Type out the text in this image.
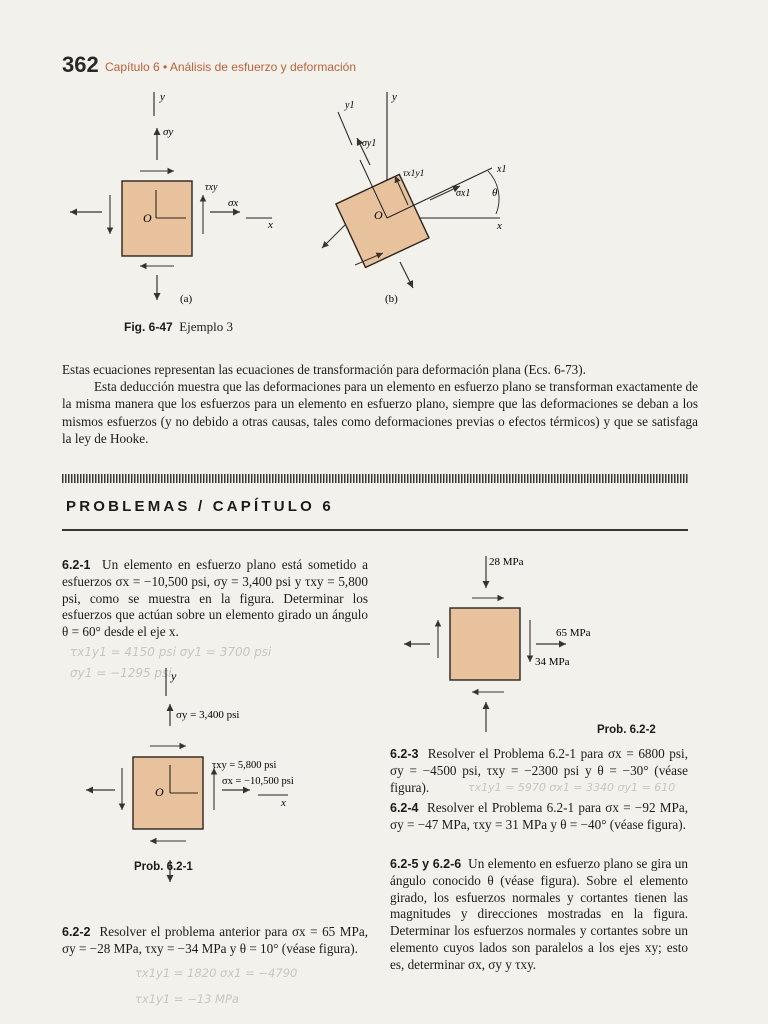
362 Capítulo 6 • Análisis de esfuerzo y deformación
y
O
σy
τxy
σx
x
(a)
y
x
y1
x1
θ
O
σy1
σx1
τx1y1
(b)
Fig. 6-47 Ejemplo 3

Estas ecuaciones representan las ecuaciones de transformación para deformación plana (Ecs. 6-73).

Esta deducción muestra que las deformaciones para un elemento en esfuerzo plano se transforman exactamente de la misma manera que los esfuerzos para un elemento en esfuerzo plano, siempre que las deformaciones se deban a los mismos esfuerzos (y no debido a otras causas, tales como deformaciones previas o efectos térmicos) y que se satisfaga la ley de Hooke.

PROBLEMAS / CAPÍTULO 6
6.2-1 Un elemento en esfuerzo plano está sometido a esfuerzos σx = −10,500 psi, σy = 3,400 psi y τxy = 5,800 psi, como se muestra en la figura. Determinar los esfuerzos que actúan sobre un elemento girado un ángulo θ = 60° desde el eje x.
τx1y1 = 4150 psi σy1 = 3700 psi
σy1 = −1295 psi y
σy = 3,400 psi
O
τxy = 5,800 psi
σx = −10,500 psi
x
Prob. 6.2-1
6.2-2 Resolver el problema anterior para σx = 65 MPa, σy = −28 MPa, τxy = −34 MPa y θ = 10° (véase figura).
τx1y1 = 1820 σx1 = −4790
τx1y1 = −13 MPa
28 MPa
65 MPa
34 MPa
Prob. 6.2-2
6.2-3 Resolver el Problema 6.2-1 para σx = 6800 psi, σy = −4500 psi, τxy = −2300 psi y θ = −30° (véase figura).	τx1y1 = 5970 σx1 = 3340 σy1 = 610
6.2-4 Resolver el Problema 6.2-1 para σx = −92 MPa, σy = −47 MPa, τxy = 31 MPa y θ = −40° (véase figura).
6.2-5 y 6.2-6 Un elemento en esfuerzo plano se gira un ángulo conocido θ (véase figura). Sobre el elemento girado, los esfuerzos normales y cortantes tienen las magnitudes y direcciones mostradas en la figura. Determinar los esfuerzos normales y cortantes sobre un elemento cuyos lados son paralelos a los ejes xy; esto es, determinar σx, σy y τxy.
